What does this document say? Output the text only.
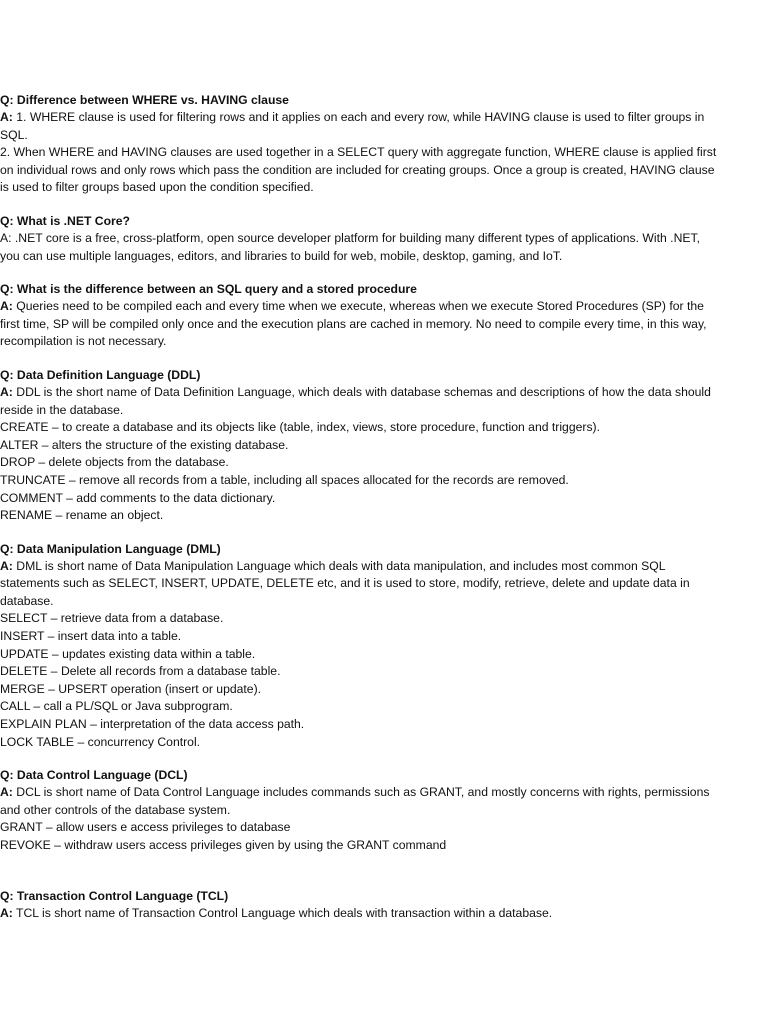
Q: Difference between WHERE vs. HAVING clause
A: 1. WHERE clause is used for filtering rows and it applies on each and every row, while HAVING clause is used to filter groups in SQL.
2. When WHERE and HAVING clauses are used together in a SELECT query with aggregate function, WHERE clause is applied first on individual rows and only rows which pass the condition are included for creating groups. Once a group is created, HAVING clause is used to filter groups based upon the condition specified.
Q: What is .NET Core?
A: .NET core is a free, cross-platform, open source developer platform for building many different types of applications. With .NET, you can use multiple languages, editors, and libraries to build for web, mobile, desktop, gaming, and IoT.
Q: What is the difference between an SQL query and a stored procedure
A: Queries need to be compiled each and every time when we execute, whereas when we execute Stored Procedures (SP) for the first time, SP will be compiled only once and the execution plans are cached in memory. No need to compile every time, in this way, recompilation is not necessary.
Q: Data Definition Language (DDL)
A: DDL is the short name of Data Definition Language, which deals with database schemas and descriptions of how the data should reside in the database.
CREATE – to create a database and its objects like (table, index, views, store procedure, function and triggers).
ALTER – alters the structure of the existing database.
DROP – delete objects from the database.
TRUNCATE – remove all records from a table, including all spaces allocated for the records are removed.
COMMENT – add comments to the data dictionary.
RENAME – rename an object.
Q: Data Manipulation Language (DML)
A: DML is short name of Data Manipulation Language which deals with data manipulation, and includes most common SQL statements such as SELECT, INSERT, UPDATE, DELETE etc, and it is used to store, modify, retrieve, delete and update data in database.
SELECT – retrieve data from a database.
INSERT – insert data into a table.
UPDATE – updates existing data within a table.
DELETE – Delete all records from a database table.
MERGE – UPSERT operation (insert or update).
CALL – call a PL/SQL or Java subprogram.
EXPLAIN PLAN – interpretation of the data access path.
LOCK TABLE – concurrency Control.
Q: Data Control Language (DCL)
A: DCL is short name of Data Control Language includes commands such as GRANT, and mostly concerns with rights, permissions and other controls of the database system.
GRANT – allow users e access privileges to database
REVOKE – withdraw users access privileges given by using the GRANT command
Q: Transaction Control Language (TCL)
A: TCL is short name of Transaction Control Language which deals with transaction within a database.
